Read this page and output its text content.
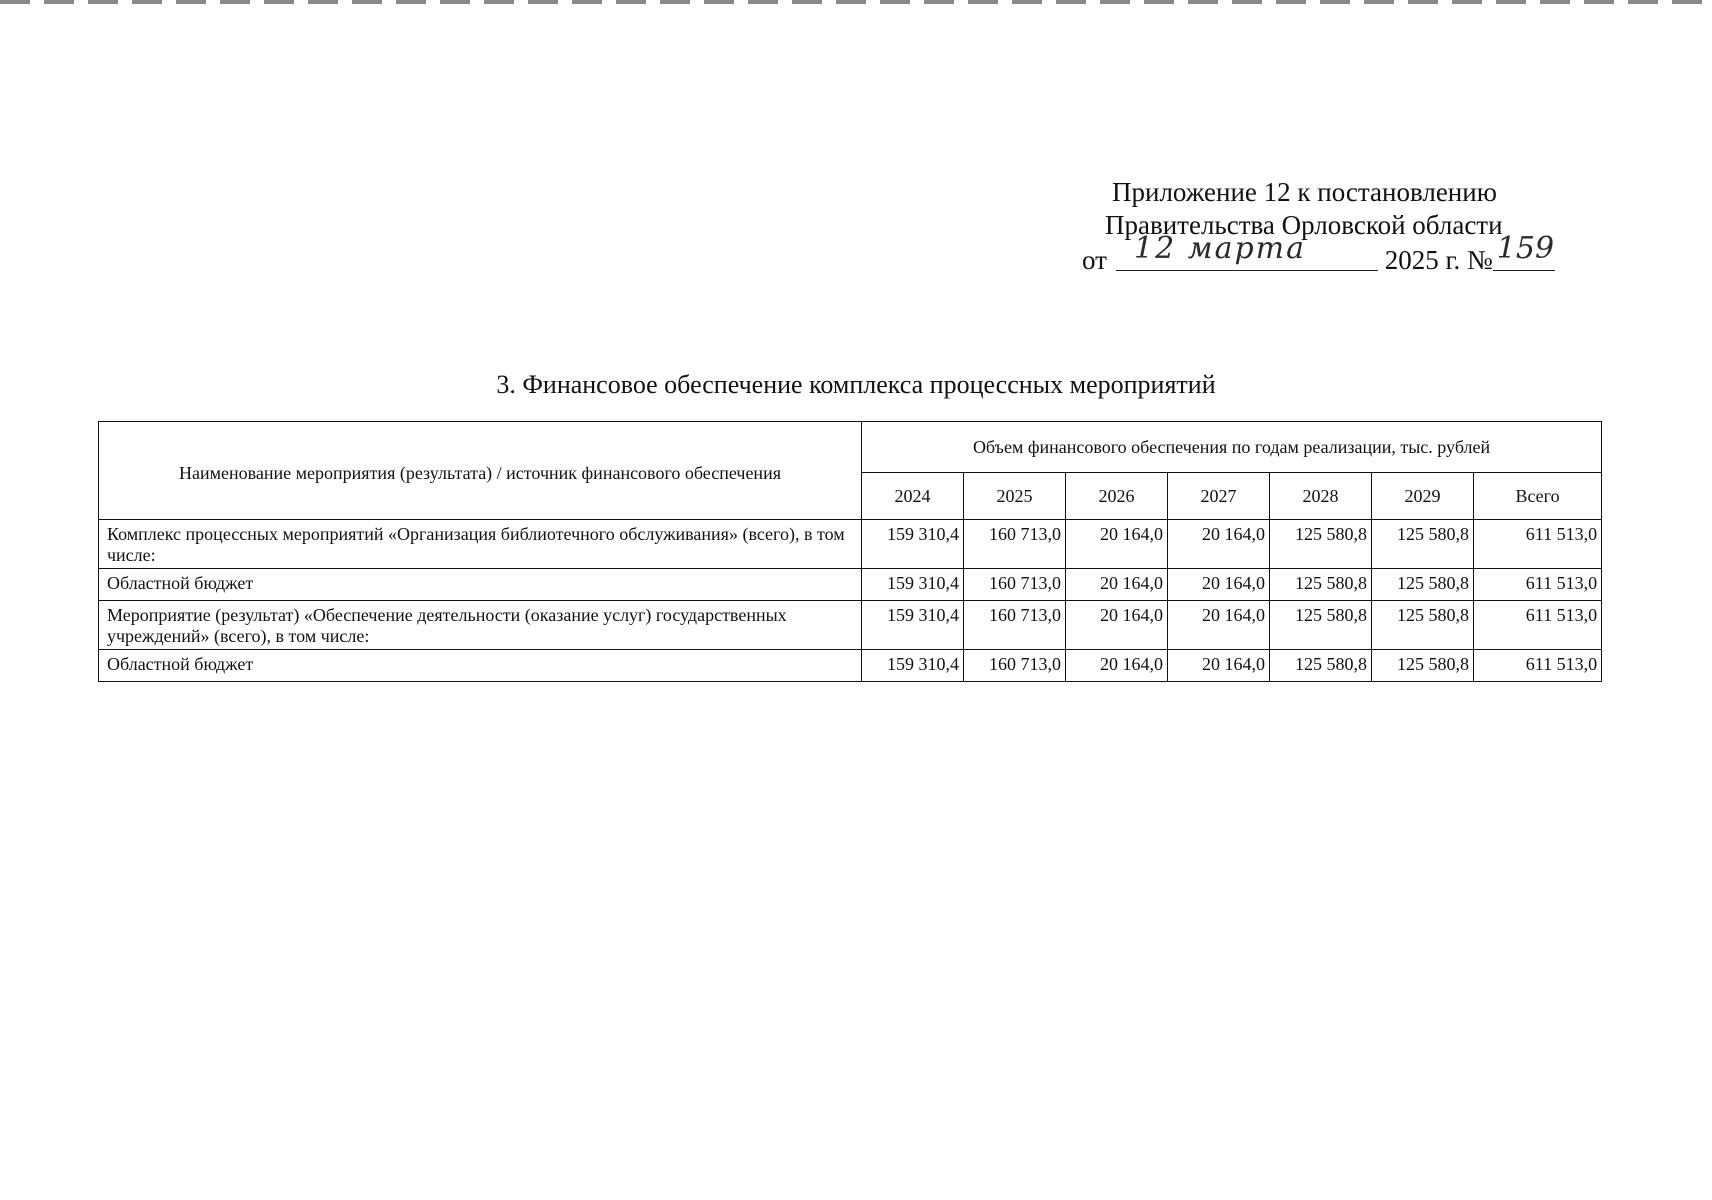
Приложение 12 к постановлению
Правительства Орловской области
от 12 марта	2025 г. № 159
3. Финансовое обеспечение комплекса процессных мероприятий
Наименование мероприятия (результата) / источник финансового обеспечения	Объем финансового обеспечения по годам реализации, тыс. рублей						
	2024	2025	2026	2027	2028	2029	Всего
Комплекс процессных мероприятий «Организация библиотечного обслуживания» (всего), в том числе:	159 310,4	160 713,0	20 164,0	20 164,0	125 580,8	125 580,8	611 513,0
Областной бюджет	159 310,4	160 713,0	20 164,0	20 164,0	125 580,8	125 580,8	611 513,0
Мероприятие (результат) «Обеспечение деятельности (оказание услуг) государственных учреждений» (всего), в том числе:	159 310,4	160 713,0	20 164,0	20 164,0	125 580,8	125 580,8	611 513,0
Областной бюджет	159 310,4	160 713,0	20 164,0	20 164,0	125 580,8	125 580,8	611 513,0
